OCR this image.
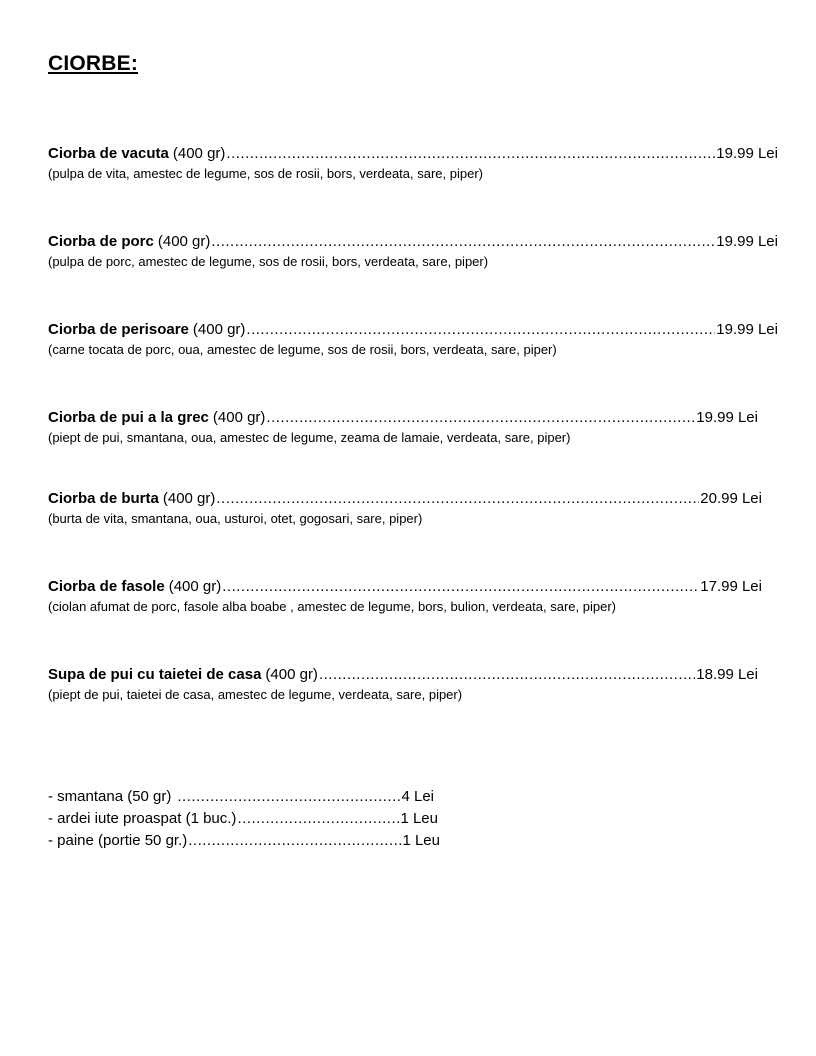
CIORBE:
Ciorba de vacuta (400 gr) .....	19.99 Lei
(pulpa de vita, amestec de legume, sos de rosii, bors, verdeata, sare, piper)
Ciorba de porc (400 gr) .....	19.99 Lei
(pulpa de porc, amestec de legume, sos de rosii, bors, verdeata, sare, piper)
Ciorba de perisoare (400 gr) .....	19.99 Lei
(carne tocata de porc, oua, amestec de legume, sos de rosii, bors, verdeata, sare, piper)
Ciorba de pui a la grec (400 gr) .....	19.99 Lei
(piept de pui, smantana, oua, amestec de legume, zeama de lamaie, verdeata, sare, piper)
Ciorba de burta (400 gr) .....	20.99 Lei
(burta de vita, smantana, oua, usturoi, otet, gogosari, sare, piper)
Ciorba de fasole (400 gr) .....	17.99 Lei
(ciolan afumat de porc, fasole alba boabe , amestec de legume, bors, bulion, verdeata, sare, piper)
Supa de pui cu taietei de casa (400 gr) .....	18.99 Lei
(piept de pui, taietei de casa, amestec de legume, verdeata, sare, piper)
- smantana (50 gr) .....	4 Lei
- ardei iute proaspat (1 buc.) .....	1 Leu
- paine (portie 50 gr.) .....	1 Leu
